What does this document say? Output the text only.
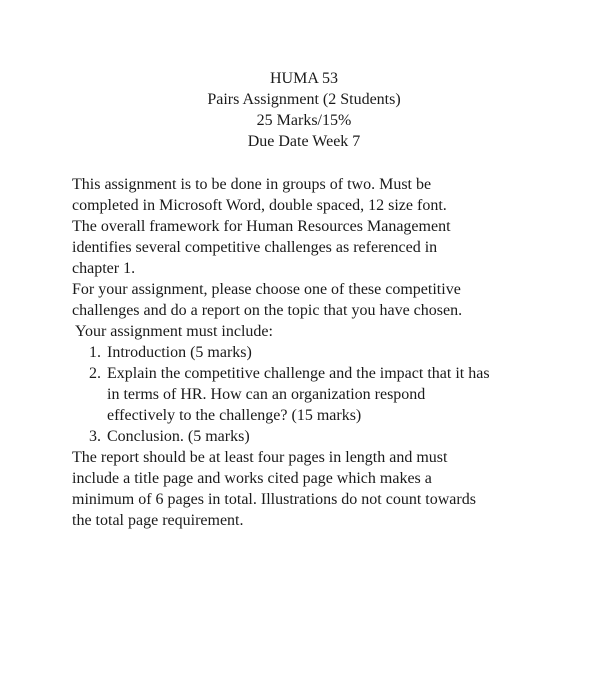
HUMA 53
Pairs Assignment (2 Students)
25 Marks/15%
Due Date Week 7
This assignment is to be done in groups of two. Must be
completed in Microsoft Word, double spaced, 12 size font.
The overall framework for Human Resources Management
identifies several competitive challenges as referenced in
chapter 1.
For your assignment, please choose one of these competitive
challenges and do a report on the topic that you have chosen.
Your assignment must include:
1. Introduction (5 marks)
2. Explain the competitive challenge and the impact that it has
in terms of HR. How can an organization respond
effectively to the challenge? (15 marks)
3. Conclusion. (5 marks)
The report should be at least four pages in length and must
include a title page and works cited page which makes a
minimum of 6 pages in total. Illustrations do not count towards
the total page requirement.
